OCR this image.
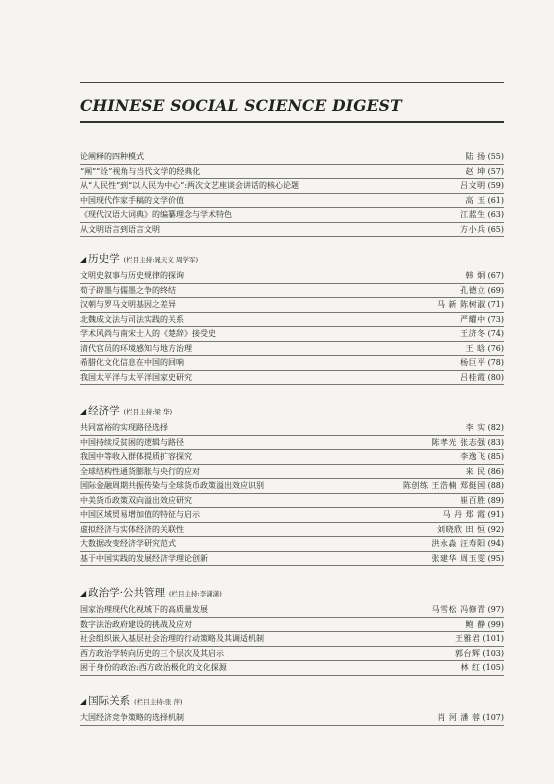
CHINESE SOCIAL SCIENCE DIGEST
论阐释的四种模式	陆 扬 (55)
“阐”“诠”视角与当代文学的经典化	赵 坤 (57)
从“人民性”到“以人民为中心”:两次文艺座谈会讲话的核心论题	吕文明 (59)
中国现代作家手稿的文学价值	高 玉 (61)
《现代汉语大词典》的编纂理念与学术特色	江蓝生 (63)
从文明语言到语言文明	方小兵 (65)
◢ 历史学 (栏目主持:晁天义 周学军)
文明史叙事与历史规律的探询	韩 炯 (67)
荀子辟墨与儒墨之争的终结	孔德立 (69)
汉朝与罗马文明基因之差异	马 新 陈树淑 (71)
北魏成文法与司法实践的关系	严耀中 (73)
学术风尚与南宋士人的《楚辞》接受史	王济冬 (74)
清代官员的环境感知与地方治理	王 晗 (76)
希腊化文化信息在中国的回响	杨巨平 (78)
我国太平洋与太平洋国家史研究	吕桂霞 (80)
◢ 经济学 (栏目主持:梁 华)
共同富裕的实现路径选择	李 实 (82)
中国持续反贫困的逻辑与路径	陈孝光 张志强 (83)
我国中等收入群体提质扩容探究	李逸飞 (85)
全球结构性通货膨胀与央行的应对	来 民 (86)
国际金融周期共振传染与全球货币政策溢出效应识别	陈创练 王浩楠 郑挺国 (88)
中美货币政策双向溢出效应研究	崔百胜 (89)
中国区域贸易增加值的特征与启示	马 丹 郑 霞 (91)
虚拟经济与实体经济的关联性	刘晓欣 田 恒 (92)
大数据改变经济学研究范式	洪永淼 汪寿阳 (94)
基于中国实践的发展经济学理论创新	张建华 周玉雯 (95)
◢ 政治学·公共管理 (栏目主持:李潇潇)
国家治理现代化视域下的高质量发展	马雪松 冯修青 (97)
数字法治政府建设的挑战及应对	鲍 静 (99)
社会组织嵌入基层社会治理的行动策略及其调适机制	王雅君 (101)
西方政治学转向历史的三个层次及其启示	郭台辉 (103)
困于身份的政治:西方政治极化的文化探源	林 红 (105)
◢ 国际关系 (栏目主持:张 萍)
大国经济竞争策略的选择机制	肖 河 潘 蓉 (107)
